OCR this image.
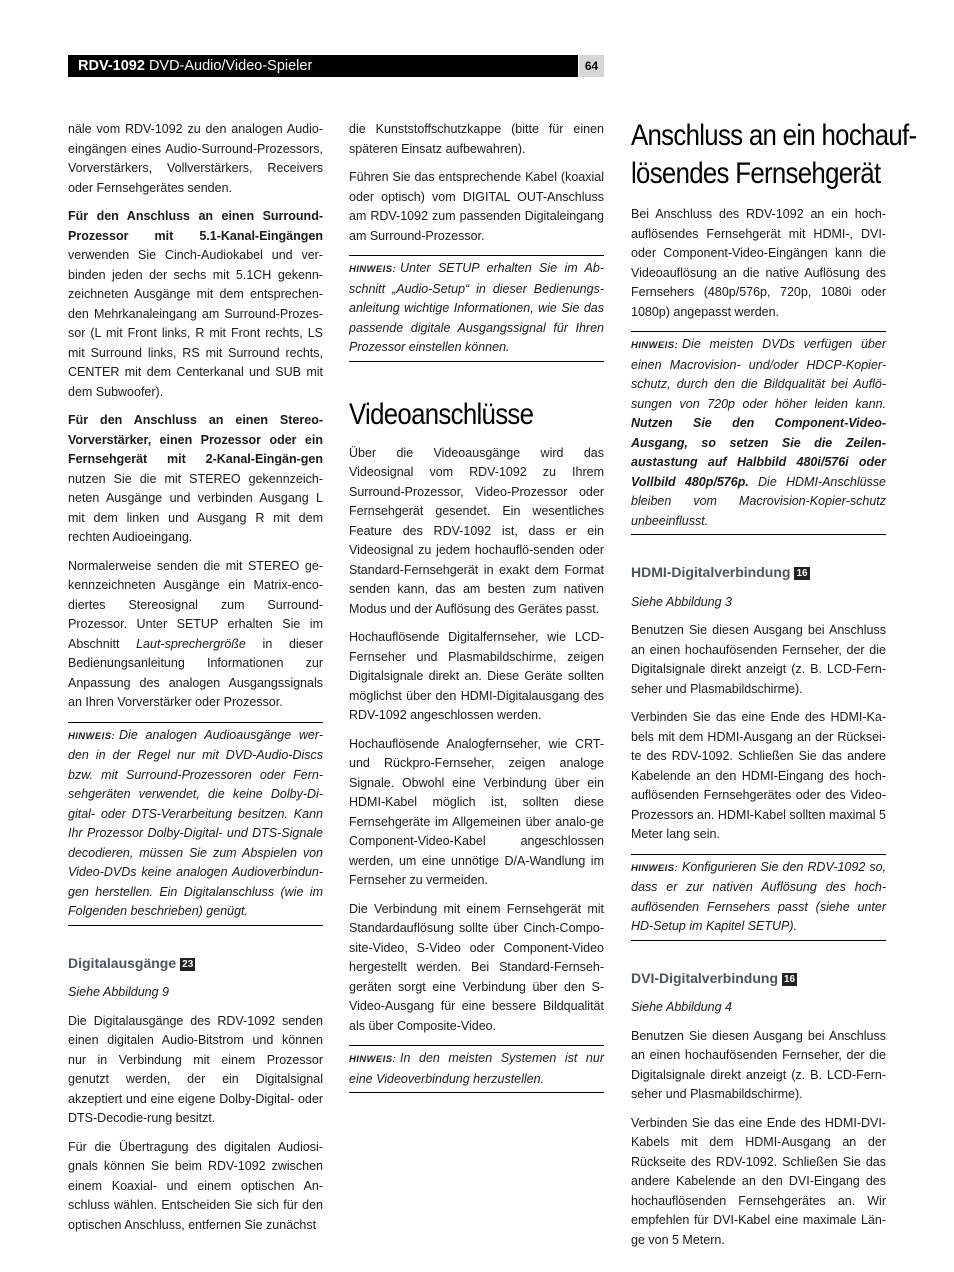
RDV-1092 DVD-Audio/Video-Spieler	64

näle vom RDV-1092 zu den analogen Audio-eingängen eines Audio-Surround-Prozessors, Vorverstärkers, Vollverstärkers, Receivers oder Fernsehgerätes senden.

Für den Anschluss an einen Surround-Prozessor mit 5.1-Kanal-Eingängen verwenden Sie Cinch-Audiokabel und ver-binden jeden der sechs mit 5.1CH gekenn-zeichneten Ausgänge mit dem entsprechen-den Mehrkanaleingang am Surround-Prozes-sor (L mit Front links, R mit Front rechts, LS mit Surround links, RS mit Surround rechts, CENTER mit dem Centerkanal und SUB mit dem Subwoofer).

Für den Anschluss an einen Stereo-Vorverstärker, einen Prozessor oder ein Fernsehgerät mit 2-Kanal-Eingän-gen nutzen Sie die mit STEREO gekennzeich-neten Ausgänge und verbinden Ausgang L mit dem linken und Ausgang R mit dem rechten Audioeingang.

Normalerweise senden die mit STEREO ge-kennzeichneten Ausgänge ein Matrix-enco-diertes Stereosignal zum Surround-Prozessor. Unter SETUP erhalten Sie im Abschnitt Laut-sprechergröße in dieser Bedienungsanleitung Informationen zur Anpassung des analogen Ausgangssignals an Ihren Vorverstärker oder Prozessor.

HINWEIS: Die analogen Audioausgänge wer-den in der Regel nur mit DVD-Audio-Discs bzw. mit Surround-Prozessoren oder Fern-sehgeräten verwendet, die keine Dolby-Di-gital- oder DTS-Verarbeitung besitzen. Kann Ihr Prozessor Dolby-Digital- und DTS-Signale decodieren, müssen Sie zum Abspielen von Video-DVDs keine analogen Audioverbindun-gen herstellen. Ein Digitalanschluss (wie im Folgenden beschrieben) genügt.
Digitalausgänge 23
Siehe Abbildung 9

Die Digitalausgänge des RDV-1092 senden einen digitalen Audio-Bitstrom und können nur in Verbindung mit einem Prozessor genutzt werden, der ein Digitalsignal akzeptiert und eine eigene Dolby-Digital- oder DTS-Decodie-rung besitzt.

Für die Übertragung des digitalen Audiosi-gnals können Sie beim RDV-1092 zwischen einem Koaxial- und einem optischen An-schluss wählen. Entscheiden Sie sich für den optischen Anschluss, entfernen Sie zunächst

die Kunststoffschutzkappe (bitte für einen späteren Einsatz aufbewahren).

Führen Sie das entsprechende Kabel (koaxial oder optisch) vom DIGITAL OUT-Anschluss am RDV-1092 zum passenden Digitaleingang am Surround-Prozessor.

HINWEIS: Unter SETUP erhalten Sie im Ab-schnitt „Audio-Setup“ in dieser Bedienungs-anleitung wichtige Informationen, wie Sie das passende digitale Ausgangssignal für Ihren Prozessor einstellen können.
Videoanschlüsse

Über die Videoausgänge wird das Videosignal vom RDV-1092 zu Ihrem Surround-Prozessor, Video-Prozessor oder Fernsehgerät gesendet. Ein wesentliches Feature des RDV-1092 ist, dass er ein Videosignal zu jedem hochauflö-senden oder Standard-Fernsehgerät in exakt dem Format senden kann, das am besten zum nativen Modus und der Auflösung des Gerätes passt.

Hochauflösende Digitalfernseher, wie LCD-Fernseher und Plasmabildschirme, zeigen Digitalsignale direkt an. Diese Geräte sollten möglichst über den HDMI-Digitalausgang des RDV-1092 angeschlossen werden.

Hochauflösende Analogfernseher, wie CRT-und Rückpro-Fernseher, zeigen analoge Signale. Obwohl eine Verbindung über ein HDMI-Kabel möglich ist, sollten diese Fernsehgeräte im Allgemeinen über analo-ge Component-Video-Kabel angeschlossen werden, um eine unnötige D/A-Wandlung im Fernseher zu vermeiden.

Die Verbindung mit einem Fernsehgerät mit Standardauflösung sollte über Cinch-Compo-site-Video, S-Video oder Component-Video hergestellt werden. Bei Standard-Fernseh-geräten sorgt eine Verbindung über den S-Video-Ausgang für eine bessere Bildqualität als über Composite-Video.

HINWEIS: In den meisten Systemen ist nur eine Videoverbindung herzustellen.
Anschluss an ein hochauf-
lösendes Fernsehgerät

Bei Anschluss des RDV-1092 an ein hoch-auflösendes Fernsehgerät mit HDMI-, DVI-oder Component-Video-Eingängen kann die Videoauflösung an die native Auflösung des Fernsehers (480p/576p, 720p, 1080i oder 1080p) angepasst werden.

HINWEIS: Die meisten DVDs verfügen über einen Macrovision- und/oder HDCP-Kopier-schutz, durch den die Bildqualität bei Auflö-sungen von 720p oder höher leiden kann. Nutzen Sie den Component-Video-Ausgang, so setzen Sie die Zeilen-austastung auf Halbbild 480i/576i oder Vollbild 480p/576p. Die HDMI-Anschlüsse bleiben vom Macrovision-Kopier-schutz unbeeinflusst.
HDMI-Digitalverbindung 16
Siehe Abbildung 3

Benutzen Sie diesen Ausgang bei Anschluss an einen hochaufösenden Fernseher, der die Digitalsignale direkt anzeigt (z. B. LCD-Fern-seher und Plasmabildschirme).

Verbinden Sie das eine Ende des HDMI-Ka-bels mit dem HDMI-Ausgang an der Rücksei-te des RDV-1092. Schließen Sie das andere Kabelende an den HDMI-Eingang des hoch-auflösenden Fernsehgerätes oder des Video-Prozessors an. HDMI-Kabel sollten maximal 5 Meter lang sein.

HINWEIS: Konfigurieren Sie den RDV-1092 so, dass er zur nativen Auflösung des hoch-auflösenden Fernsehers passt (siehe unter HD-Setup im Kapitel SETUP).
DVI-Digitalverbindung 16
Siehe Abbildung 4

Benutzen Sie diesen Ausgang bei Anschluss an einen hochaufösenden Fernseher, der die Digitalsignale direkt anzeigt (z. B. LCD-Fern-seher und Plasmabildschirme).

Verbinden Sie das eine Ende des HDMI-DVI-Kabels mit dem HDMI-Ausgang an der Rückseite des RDV-1092. Schließen Sie das andere Kabelende an den DVI-Eingang des hochauflösenden Fernsehgerätes an. Wir empfehlen für DVI-Kabel eine maximale Län-ge von 5 Metern.
